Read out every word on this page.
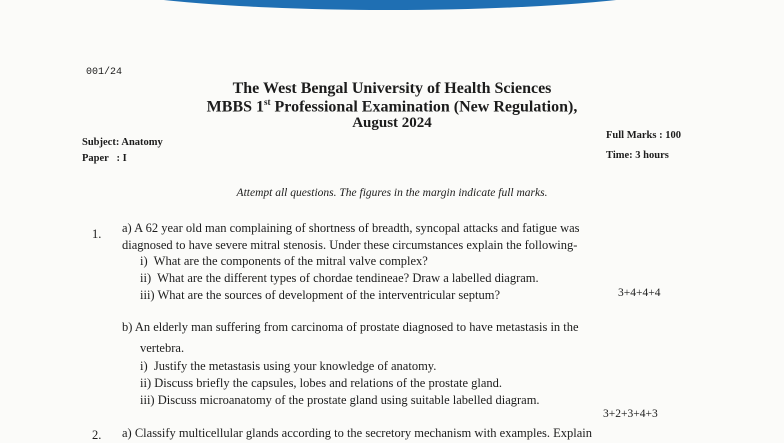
001/24
The West Bengal University of Health Sciences
MBBS 1st Professional Examination (New Regulation),
August 2024
Subject: Anatomy
Paper   : I
Full Marks : 100
Time: 3 hours
Attempt all questions. The figures in the margin indicate full marks.
1. a) A 62 year old man complaining of shortness of breadth, syncopal attacks and fatigue was
diagnosed to have severe mitral stenosis. Under these circumstances explain the following-
i)  What are the components of the mitral valve complex?
ii)  What are the different types of chordae tendineae? Draw a labelled diagram.
iii) What are the sources of development of the interventricular septum?	3+4+4+4
b) An elderly man suffering from carcinoma of prostate diagnosed to have metastasis in the
vertebra.
i)  Justify the metastasis using your knowledge of anatomy.
ii) Discuss briefly the capsules, lobes and relations of the prostate gland.
iii) Discuss microanatomy of the prostate gland using suitable labelled diagram.
3+2+3+4+3
2. a) Classify multicellular glands according to the secretory mechanism with examples. Explain
